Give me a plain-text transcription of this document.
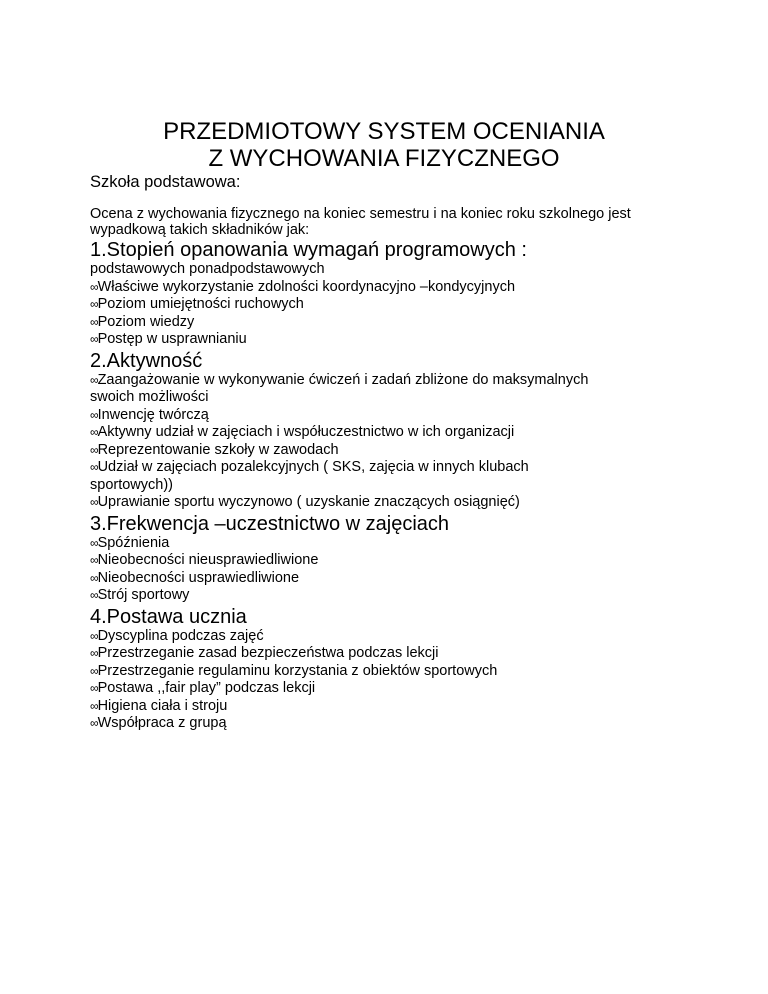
PRZEDMIOTOWY SYSTEM OCENIANIA
Z WYCHOWANIA FIZYCZNEGO

Szkoła podstawowa:

Ocena z wychowania fizycznego na koniec semestru i na koniec roku szkolnego jest
wypadkową takich składników jak:

1.Stopień opanowania wymagań programowych :

podstawowych ponadpodstawowych

∞Właściwe wykorzystanie zdolności koordynacyjno –kondycyjnych

∞Poziom umiejętności ruchowych

∞Poziom wiedzy

∞Postęp w usprawnianiu

2.Aktywność

∞Zaangażowanie w wykonywanie ćwiczeń i zadań zbliżone do maksymalnych

swoich możliwości

∞Inwencję twórczą

∞Aktywny udział w zajęciach i współuczestnictwo w ich organizacji

∞Reprezentowanie szkoły w zawodach

∞Udział w zajęciach pozalekcyjnych ( SKS, zajęcia w innych klubach

sportowych))

∞Uprawianie sportu wyczynowo ( uzyskanie znaczących osiągnięć)

3.Frekwencja –uczestnictwo w zajęciach

∞Spóźnienia

∞Nieobecności nieusprawiedliwione

∞Nieobecności usprawiedliwione

∞Strój sportowy

4.Postawa ucznia

∞Dyscyplina podczas zajęć

∞Przestrzeganie zasad bezpieczeństwa podczas lekcji

∞Przestrzeganie regulaminu korzystania z obiektów sportowych

∞Postawa ,,fair play” podczas lekcji

∞Higiena ciała i stroju

∞Współpraca z grupą
